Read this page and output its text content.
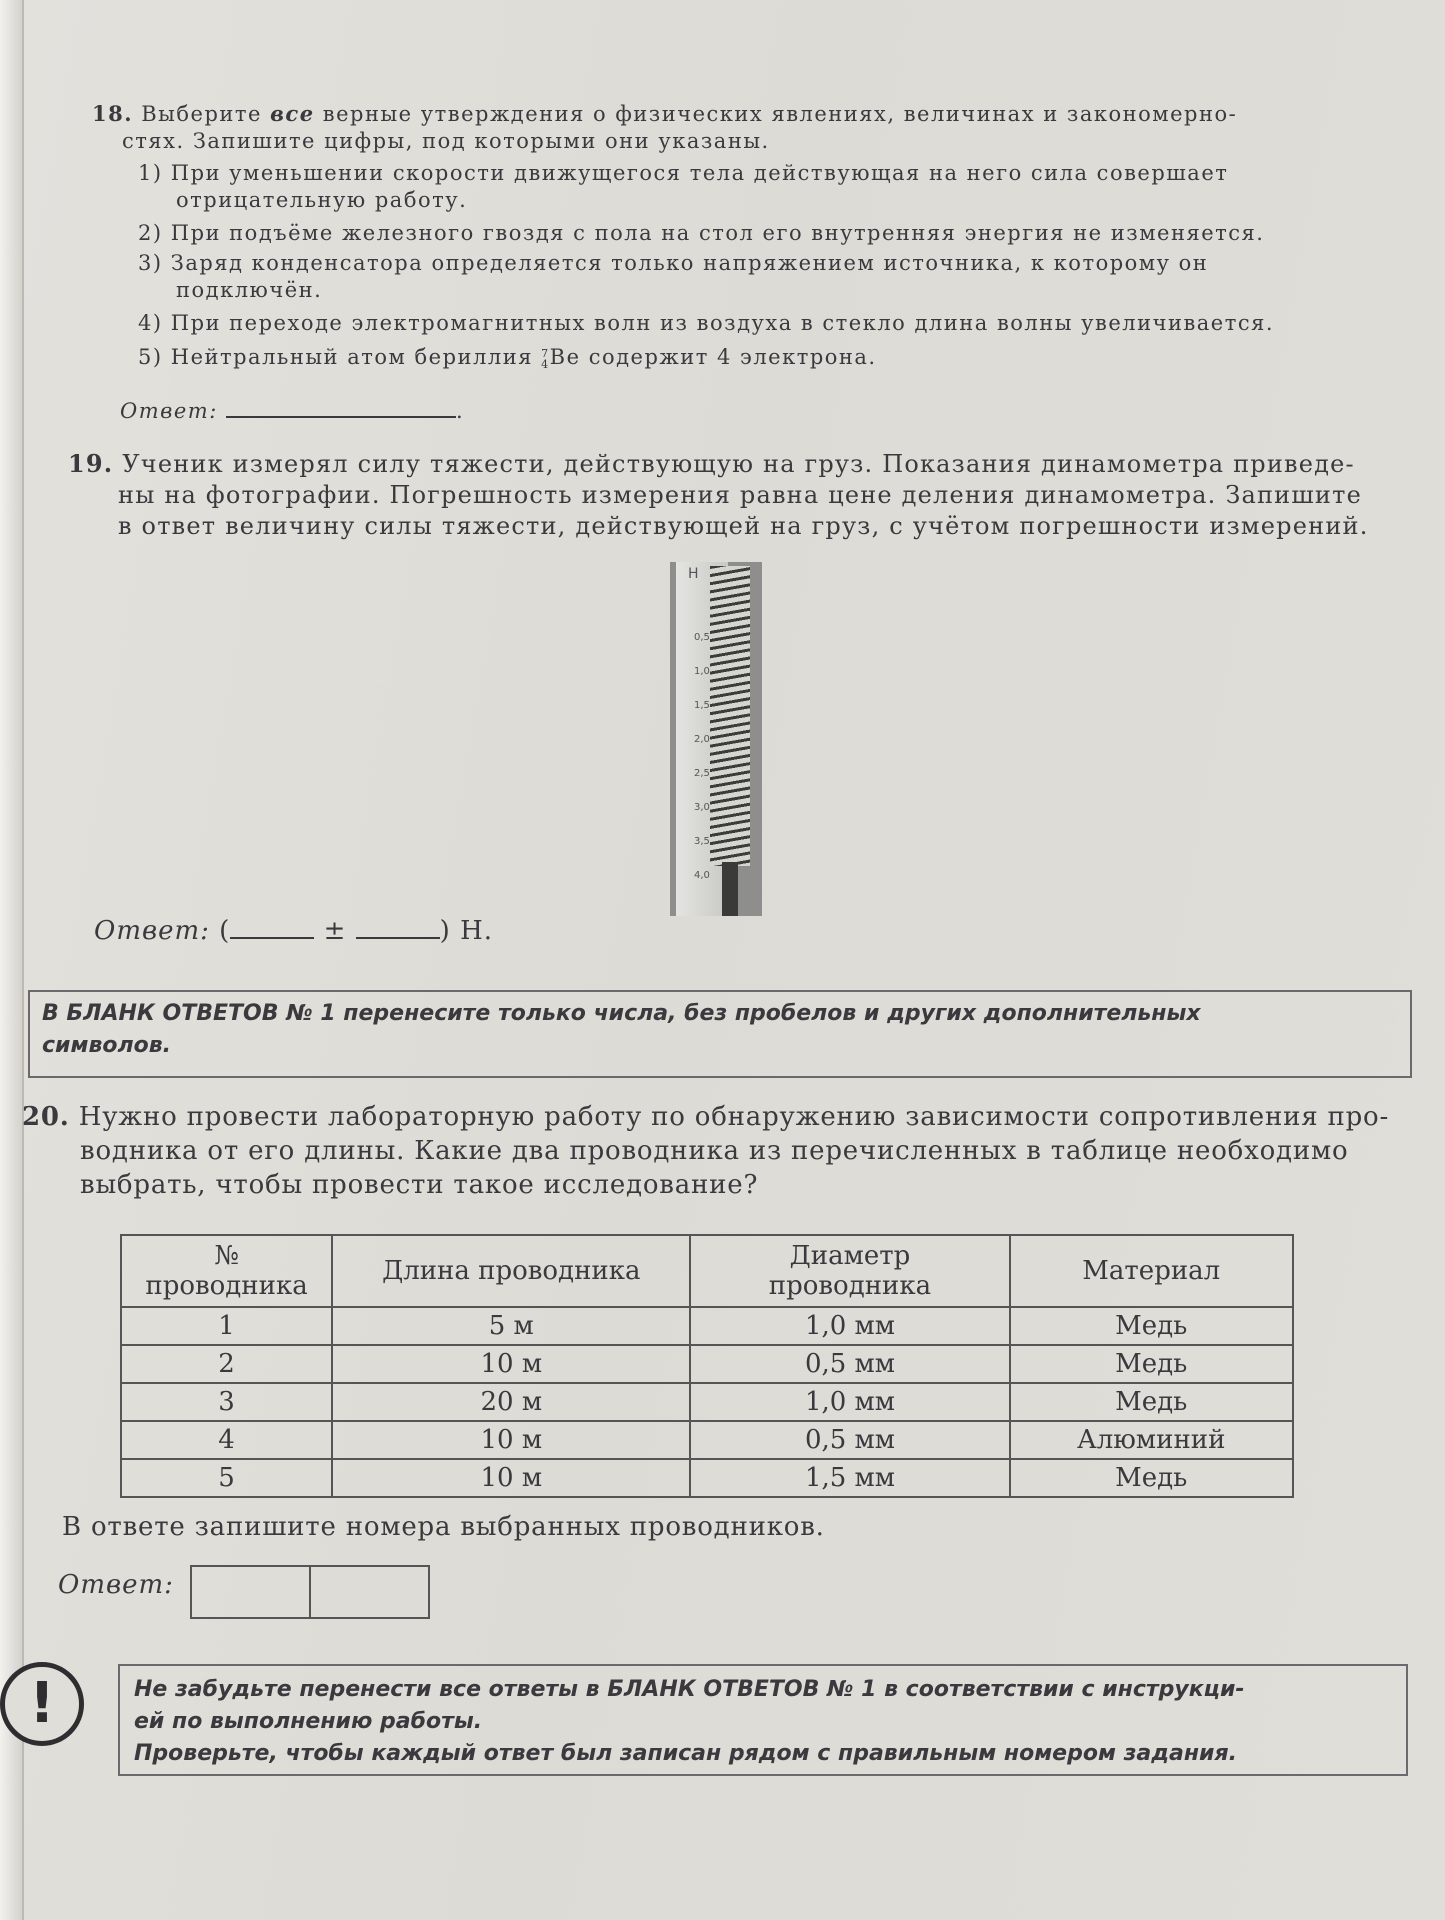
18. Выберите все верные утверждения о физических явлениях, величинах и закономерно-
стях. Запишите цифры, под которыми они указаны.
1) При уменьшении скорости движущегося тела действующая на него сила совершает
отрицательную работу.
2) При подъёме железного гвоздя с пола на стол его внутренняя энергия не изменяется.
3) Заряд конденсатора определяется только напряжением источника, к которому он
подключён.
4) При переходе электромагнитных волн из воздуха в стекло длина волны увеличивается.
5) Нейтральный атом бериллия 7
4Be содержит 4 электрона.
Ответ:	.
19. Ученик измерял силу тяжести, действующую на груз. Показания динамометра приведе-
ны на фотографии. Погрешность измерения равна цене деления динамометра. Запишите
в ответ величину силы тяжести, действующей на груз, с учётом погрешности измерений.
Н
0,5
1,0
1,5
2,0
2,5
3,0
3,5
4,0
Ответ: (	±	) Н.
В БЛАНК ОТВЕТОВ № 1 перенесите только числа, без пробелов и других дополнительных
символов.
20. Нужно провести лабораторную работу по обнаружению зависимости сопротивления про-
водника от его длины. Какие два проводника из перечисленных в таблице необходимо
выбрать, чтобы провести такое исследование?
№
проводника	Длина проводника	Диаметр
проводника	Материал
1	5 м	1,0 мм	Медь
2	10 м	0,5 мм	Медь
3	20 м	1,0 мм	Медь
4	10 м	0,5 мм	Алюминий
5	10 м	1,5 мм	Медь
В ответе запишите номера выбранных проводников.
Ответ:
!	Не забудьте перенести все ответы в БЛАНК ОТВЕТОВ № 1 в соответствии с инструкци-
ей по выполнению работы.
Проверьте, чтобы каждый ответ был записан рядом с правильным номером задания.
